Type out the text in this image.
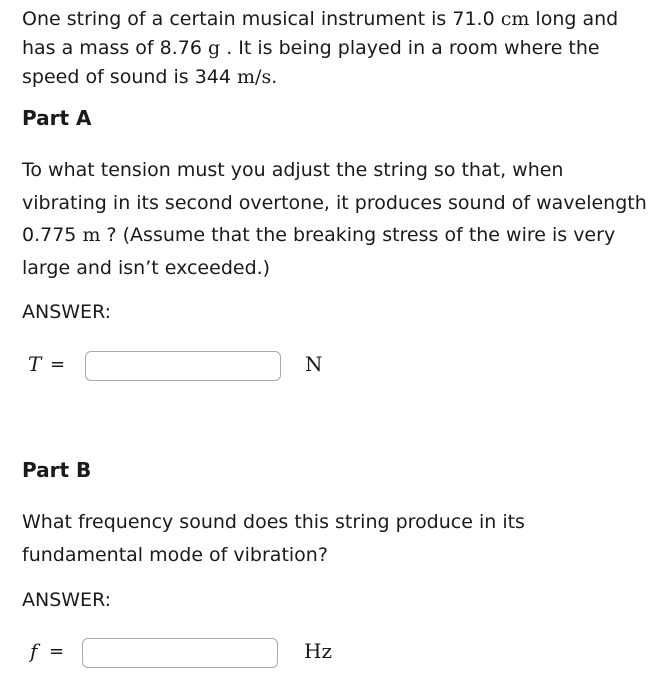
One string of a certain musical instrument is 71.0 cm long and has a mass of 8.76 g . It is being played in a room where the speed of sound is 344 m/s.

Part A

To what tension must you adjust the string so that, when vibrating in its second overtone, it produces sound of wavelength 0.775 m ? (Assume that the breaking stress of the wire is very large and isn’t exceeded.)

ANSWER:

T =	N
Part B

What frequency sound does this string produce in its fundamental mode of vibration?

ANSWER:

f =	Hz
